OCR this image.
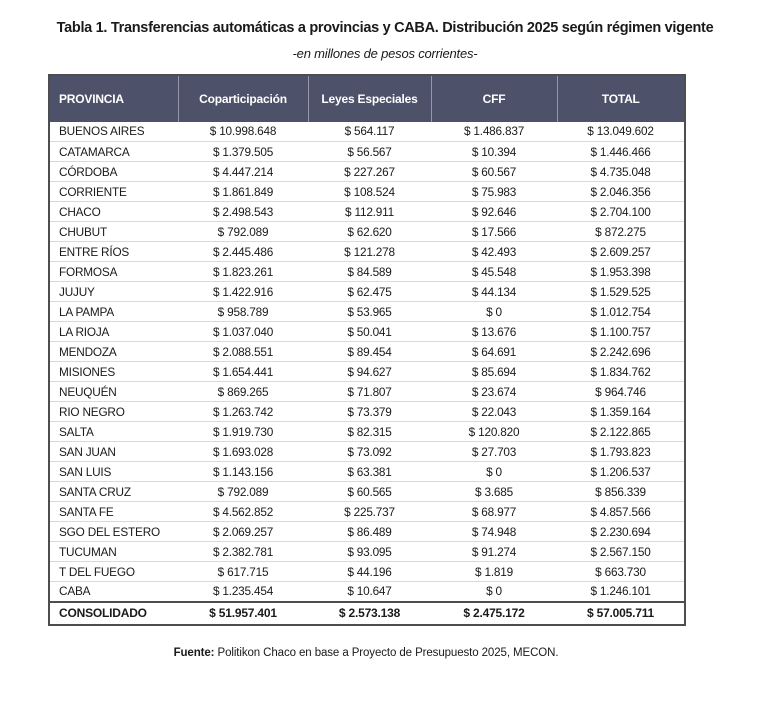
Tabla 1. Transferencias automáticas a provincias y CABA. Distribución 2025 según régimen vigente
-en millones de pesos corrientes-
PROVINCIA	Coparticipación	Leyes Especiales	CFF	TOTAL
BUENOS AIRES	$ 10.998.648	$ 564.117	$ 1.486.837	$ 13.049.602
CATAMARCA	$ 1.379.505	$ 56.567	$ 10.394	$ 1.446.466
CÓRDOBA	$ 4.447.214	$ 227.267	$ 60.567	$ 4.735.048
CORRIENTE	$ 1.861.849	$ 108.524	$ 75.983	$ 2.046.356
CHACO	$ 2.498.543	$ 112.911	$ 92.646	$ 2.704.100
CHUBUT	$ 792.089	$ 62.620	$ 17.566	$ 872.275
ENTRE RÍOS	$ 2.445.486	$ 121.278	$ 42.493	$ 2.609.257
FORMOSA	$ 1.823.261	$ 84.589	$ 45.548	$ 1.953.398
JUJUY	$ 1.422.916	$ 62.475	$ 44.134	$ 1.529.525
LA PAMPA	$ 958.789	$ 53.965	$ 0	$ 1.012.754
LA RIOJA	$ 1.037.040	$ 50.041	$ 13.676	$ 1.100.757
MENDOZA	$ 2.088.551	$ 89.454	$ 64.691	$ 2.242.696
MISIONES	$ 1.654.441	$ 94.627	$ 85.694	$ 1.834.762
NEUQUÉN	$ 869.265	$ 71.807	$ 23.674	$ 964.746
RIO NEGRO	$ 1.263.742	$ 73.379	$ 22.043	$ 1.359.164
SALTA	$ 1.919.730	$ 82.315	$ 120.820	$ 2.122.865
SAN JUAN	$ 1.693.028	$ 73.092	$ 27.703	$ 1.793.823
SAN LUIS	$ 1.143.156	$ 63.381	$ 0	$ 1.206.537
SANTA CRUZ	$ 792.089	$ 60.565	$ 3.685	$ 856.339
SANTA FE	$ 4.562.852	$ 225.737	$ 68.977	$ 4.857.566
SGO DEL ESTERO	$ 2.069.257	$ 86.489	$ 74.948	$ 2.230.694
TUCUMAN	$ 2.382.781	$ 93.095	$ 91.274	$ 2.567.150
T DEL FUEGO	$ 617.715	$ 44.196	$ 1.819	$ 663.730
CABA	$ 1.235.454	$ 10.647	$ 0	$ 1.246.101
CONSOLIDADO	$ 51.957.401	$ 2.573.138	$ 2.475.172	$ 57.005.711

Fuente: Politikon Chaco en base a Proyecto de Presupuesto 2025, MECON.
